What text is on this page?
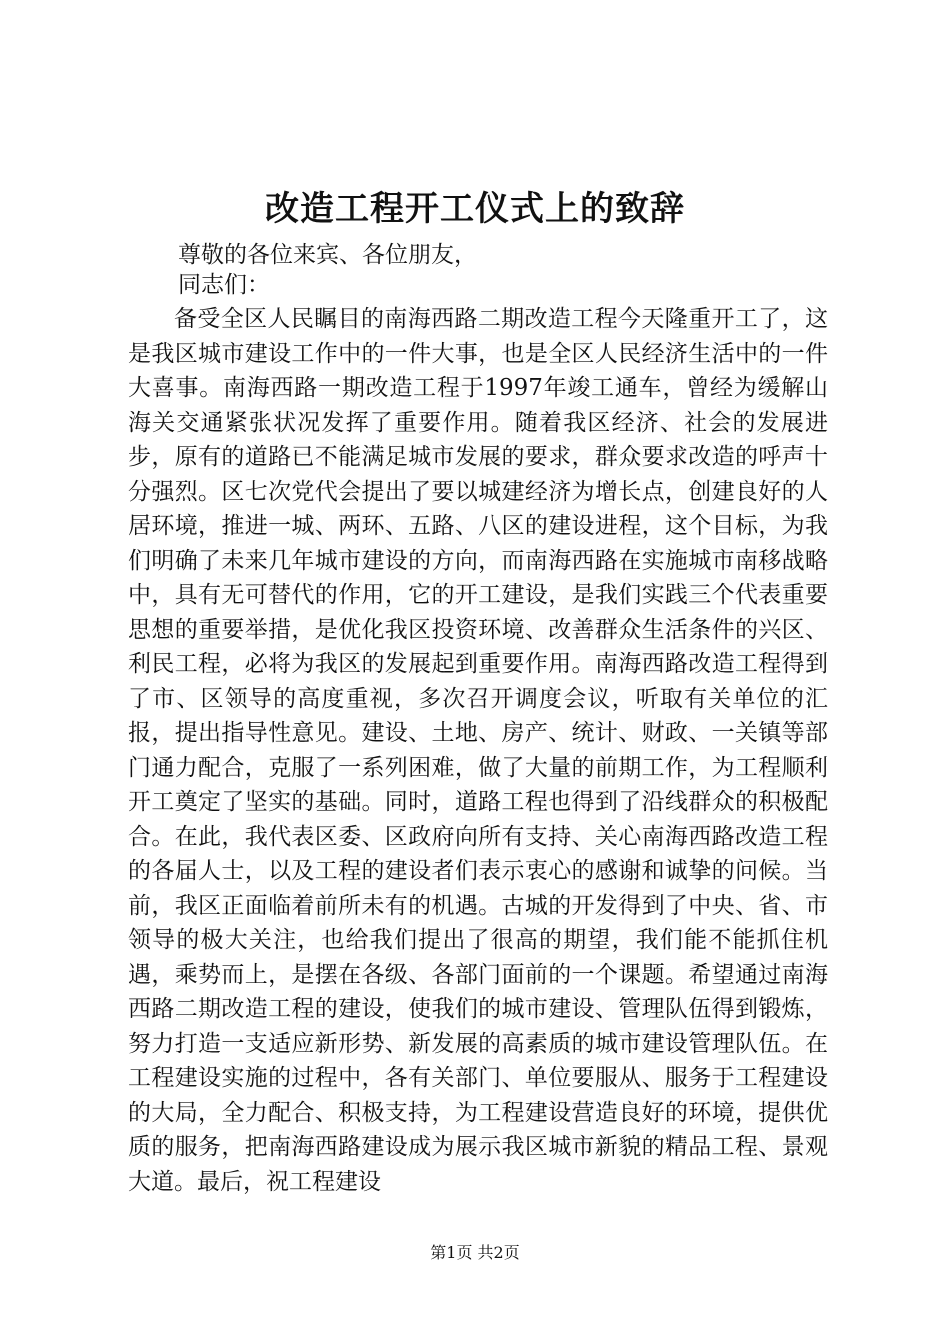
改造工程开工仪式上的致辞

尊敬的各位来宾、各位朋友，

同志们：

备受全区人民瞩目的南海西路二期改造工程今天隆重开工了，这是我区城市建设工作中的一件大事，也是全区人民经济生活中的一件大喜事。南海西路一期改造工程于1997年竣工通车，曾经为缓解山海关交通紧张状况发挥了重要作用。随着我区经济、社会的发展进步，原有的道路已不能满足城市发展的要求，群众要求改造的呼声十分强烈。区七次党代会提出了要以城建经济为增长点，创建良好的人居环境，推进一城、两环、五路、八区的建设进程，这个目标，为我们明确了未来几年城市建设的方向，而南海西路在实施城市南移战略中，具有无可替代的作用，它的开工建设，是我们实践三个代表重要思想的重要举措，是优化我区投资环境、改善群众生活条件的兴区、利民工程，必将为我区的发展起到重要作用。南海西路改造工程得到了市、区领导的高度重视，多次召开调度会议，听取有关单位的汇报，提出指导性意见。建设、土地、房产、统计、财政、一关镇等部门通力配合，克服了一系列困难，做了大量的前期工作，为工程顺利开工奠定了坚实的基础。同时，道路工程也得到了沿线群众的积极配合。在此，我代表区委、区政府向所有支持、关心南海西路改造工程的各届人士，以及工程的建设者们表示衷心的感谢和诚挚的问候。当前，我区正面临着前所未有的机遇。古城的开发得到了中央、省、市领导的极大关注，也给我们提出了很高的期望，我们能不能抓住机遇，乘势而上，是摆在各级、各部门面前的一个课题。希望通过南海西路二期改造工程的建设，使我们的城市建设、管理队伍得到锻炼，努力打造一支适应新形势、新发展的高素质的城市建设管理队伍。在工程建设实施的过程中，各有关部门、单位要服从、服务于工程建设的大局，全力配合、积极支持，为工程建设营造良好的环境，提供优质的服务，把南海西路建设成为展示我区城市新貌的精品工程、景观大道。最后，祝工程建设

第1页 共2页
